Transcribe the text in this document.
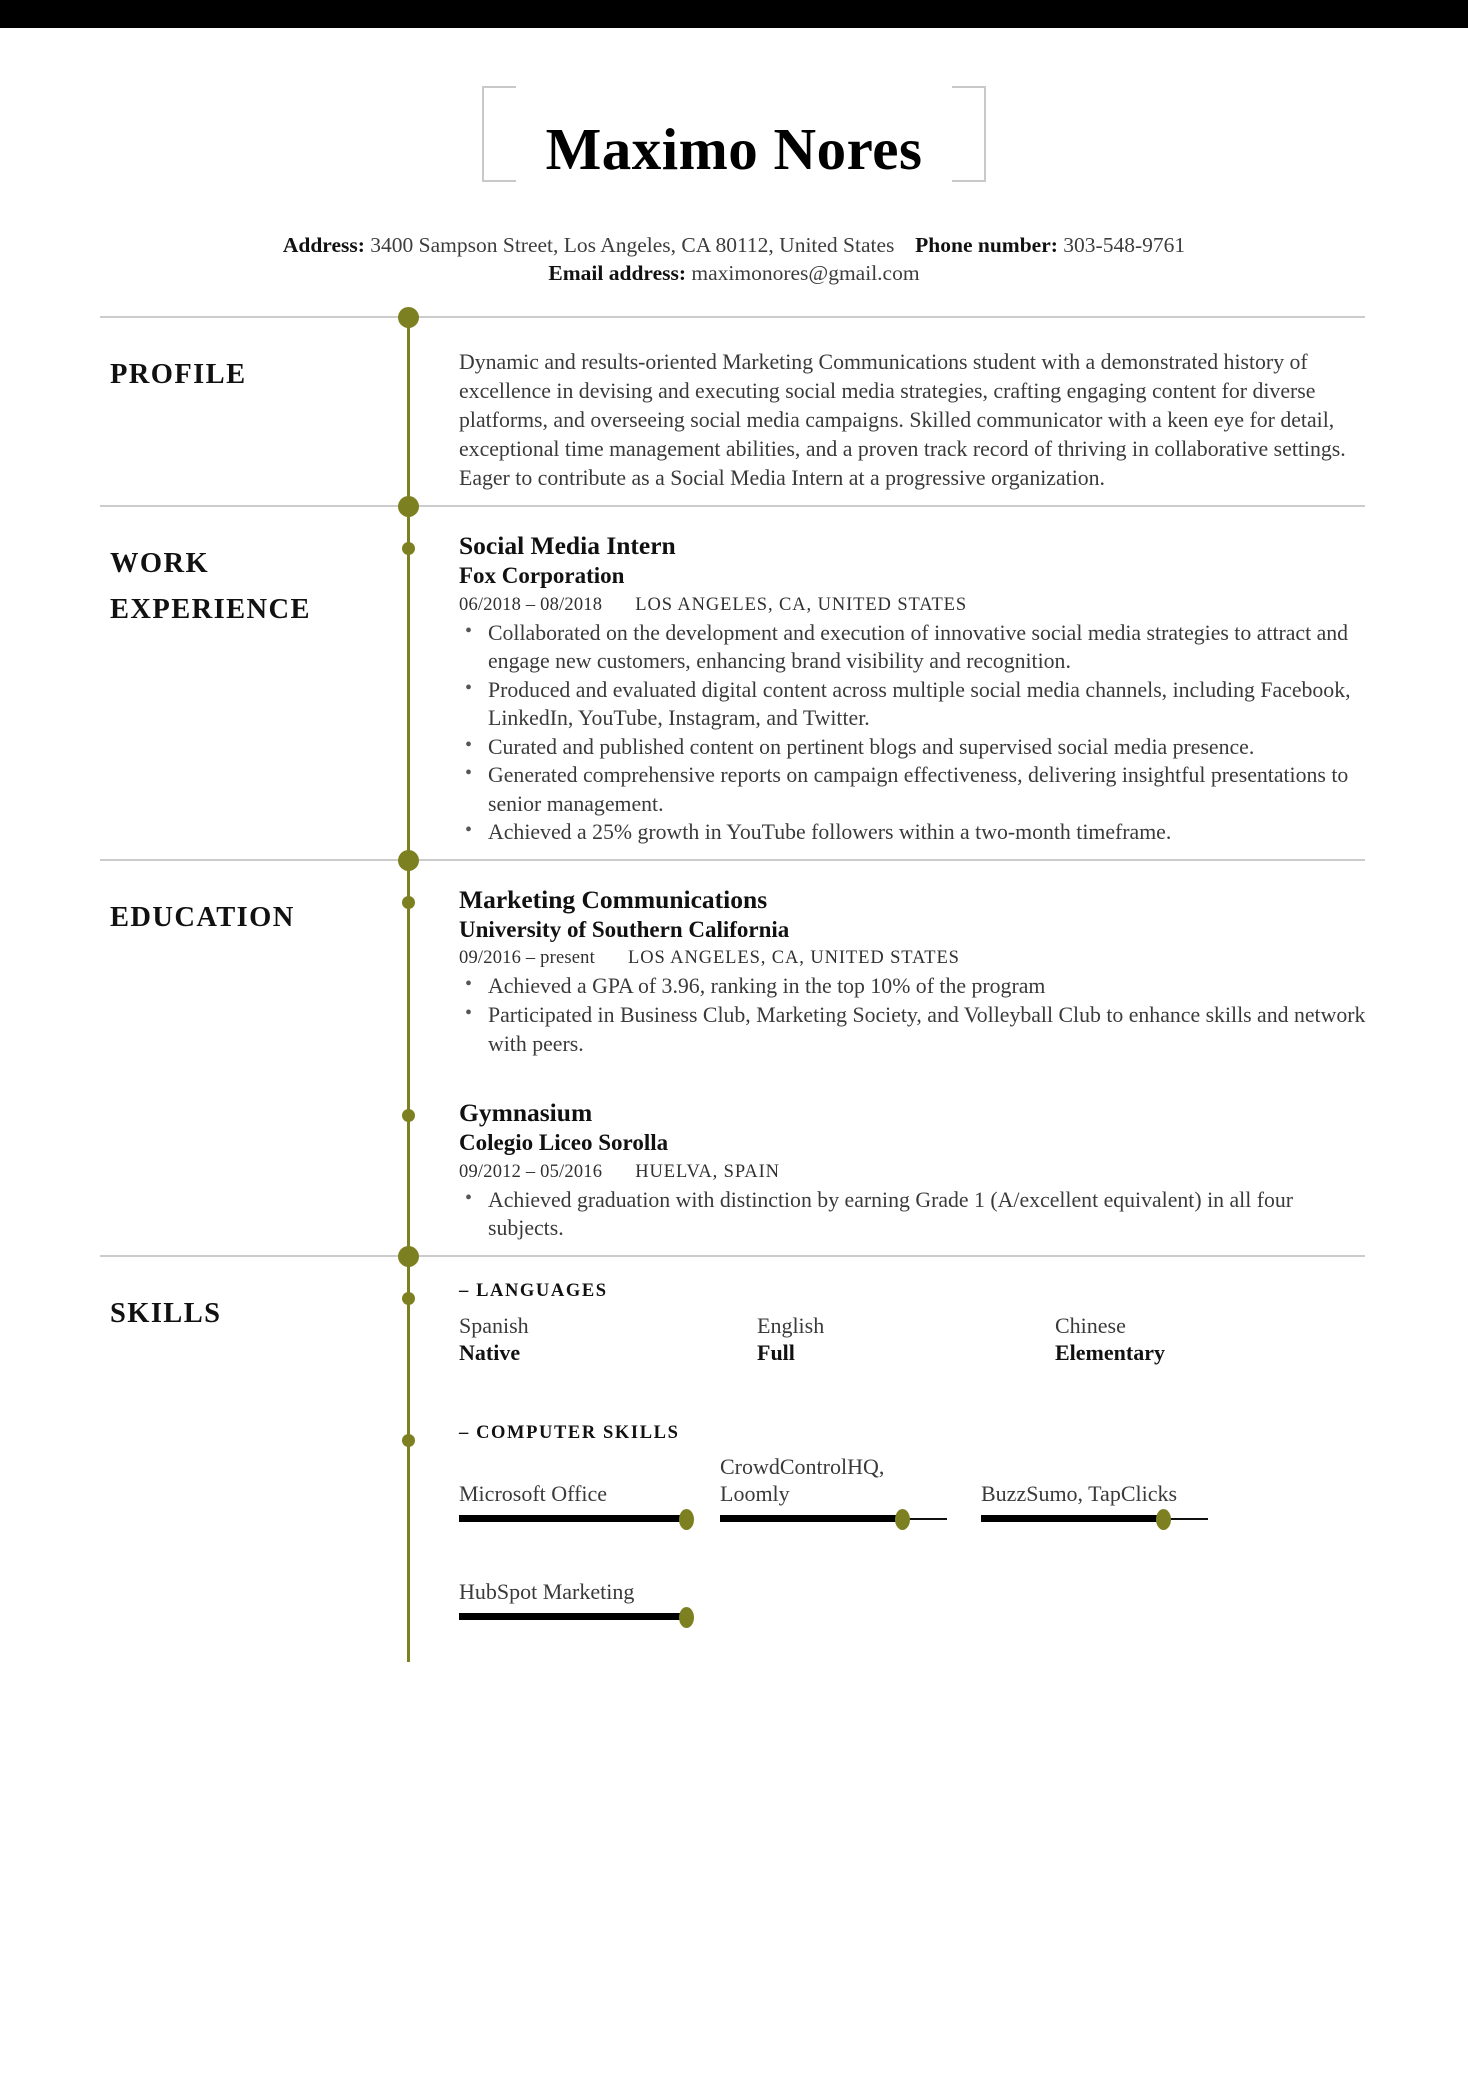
Maximo Nores
Address: 3400 Sampson Street, Los Angeles, CA 80112, United States Phone number: 303-548-9761
Email address: maximonores@gmail.com
PROFILE	Dynamic and results-oriented Marketing Communications student with a demonstrated history of excellence in devising and executing social media strategies, crafting engaging content for diverse platforms, and overseeing social media campaigns. Skilled communicator with a keen eye for detail, exceptional time management abilities, and a proven track record of thriving in collaborative settings. Eager to contribute as a Social Media Intern at a progressive organization.
WORK
EXPERIENCE
Social Media Intern
Fox Corporation
06/2018 – 08/2018 LOS ANGELES, CA, UNITED STATES
• Collaborated on the development and execution of innovative social media strategies to attract and engage new customers, enhancing brand visibility and recognition.
• Produced and evaluated digital content across multiple social media channels, including Facebook, LinkedIn, YouTube, Instagram, and Twitter.
• Curated and published content on pertinent blogs and supervised social media presence.
• Generated comprehensive reports on campaign effectiveness, delivering insightful presentations to senior management.
• Achieved a 25% growth in YouTube followers within a two-month timeframe.
EDUCATION
Marketing Communications
University of Southern California
09/2016 – present LOS ANGELES, CA, UNITED STATES
• Achieved a GPA of 3.96, ranking in the top 10% of the program
• Participated in Business Club, Marketing Society, and Volleyball Club to enhance skills and network with peers.
Gymnasium
Colegio Liceo Sorolla
09/2012 – 05/2016 HUELVA, SPAIN
• Achieved graduation with distinction by earning Grade 1 (A/excellent equivalent) in all four subjects.
SKILLS
– LANGUAGES
Spanish
Native
English
Full
Chinese
Elementary
– COMPUTER SKILLS
Microsoft Office
CrowdControlHQ, Loomly	BuzzSumo, TapClicks
HubSpot Marketing
